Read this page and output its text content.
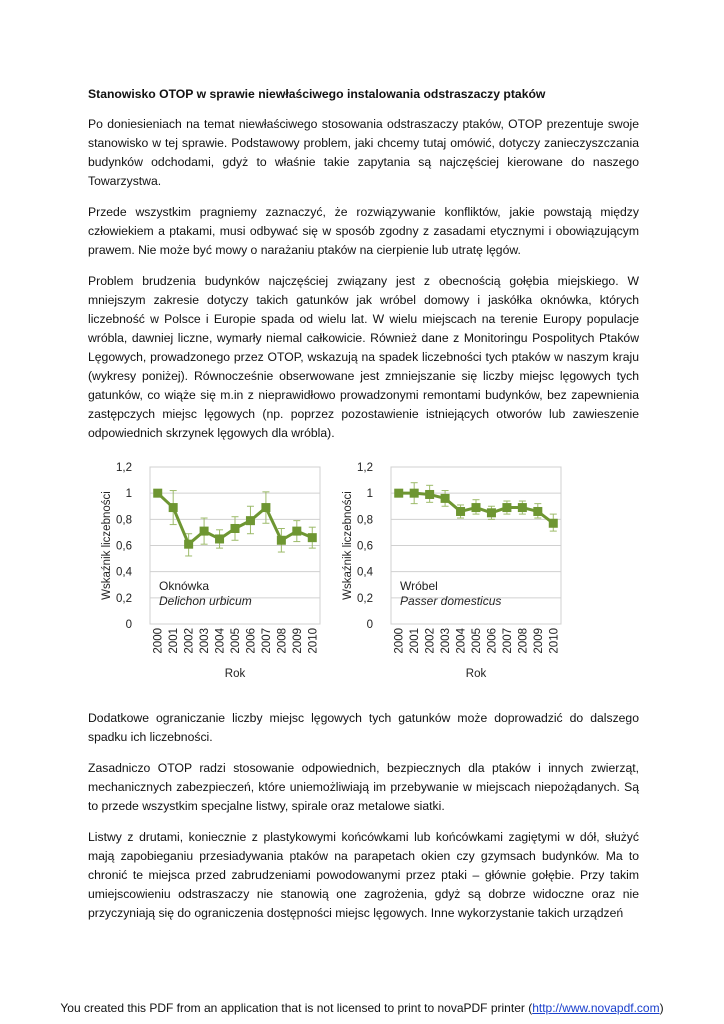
Stanowisko OTOP w sprawie niewłaściwego instalowania odstraszaczy ptaków

Po doniesieniach na temat niewłaściwego stosowania odstraszaczy ptaków, OTOP prezentuje swoje stanowisko w tej sprawie. Podstawowy problem, jaki chcemy tutaj omówić, dotyczy zanieczyszczania budynków odchodami, gdyż to właśnie takie zapytania są najczęściej kierowane do naszego Towarzystwa.

Przede wszystkim pragniemy zaznaczyć, że rozwiązywanie konfliktów, jakie powstają między człowiekiem a ptakami, musi odbywać się w sposób zgodny z zasadami etycznymi i obowiązującym prawem. Nie może być mowy o narażaniu ptaków na cierpienie lub utratę lęgów.

Problem brudzenia budynków najczęściej związany jest z obecnością gołębia miejskiego. W mniejszym zakresie dotyczy takich gatunków jak wróbel domowy i jaskółka oknówka, których liczebność w Polsce i Europie spada od wielu lat. W wielu miejscach na terenie Europy populacje wróbla, dawniej liczne, wymarły niemal całkowicie. Również dane z Monitoringu Pospolitych Ptaków Lęgowych, prowadzonego przez OTOP, wskazują na spadek liczebności tych ptaków w naszym kraju (wykresy poniżej). Równocześnie obserwowane jest zmniejszanie się liczby miejsc lęgowych tych gatunków, co wiąże się m.in z nieprawidłowo prowadzonymi remontami budynków, bez zapewnienia zastępczych miejsc lęgowych (np. poprzez pozostawienie istniejących otworów lub zawieszenie odpowiednich skrzynek lęgowych dla wróbla).

0
0,2
0,4
0,6
0,8
1
1,2
2000 2001 2002 2003 2004 2005 2006 2007 2008 2009 2010
Rok
Wskaźnik liczebności	Oknówka
Delichon urbicum
0
0,2
0,4
0,6
0,8
1
1,2
2000 2001 2002 2003 2004 2005 2006 2007 2008 2009 2010
Rok
Wskaźnik liczebności	Wróbel
Passer domesticus

Dodatkowe ograniczanie liczby miejsc lęgowych tych gatunków może doprowadzić do dalszego spadku ich liczebności.

Zasadniczo OTOP radzi stosowanie odpowiednich, bezpiecznych dla ptaków i innych zwierząt, mechanicznych zabezpieczeń, które uniemożliwiają im przebywanie w miejscach niepożądanych. Są to przede wszystkim specjalne listwy, spirale oraz metalowe siatki.

Listwy z drutami, koniecznie z plastykowymi końcówkami lub końcówkami zagiętymi w dół, służyć mają zapobieganiu przesiadywania ptaków na parapetach okien czy gzymsach budynków. Ma to chronić te miejsca przed zabrudzeniami powodowanymi przez ptaki – głównie gołębie. Przy takim umiejscowieniu odstraszaczy nie stanowią one zagrożenia, gdyż są dobrze widoczne oraz nie przyczyniają się do ograniczenia dostępności miejsc lęgowych. Inne wykorzystanie takich urządzeń

You created this PDF from an application that is not licensed to print to novaPDF printer (http://www.novapdf.com)
